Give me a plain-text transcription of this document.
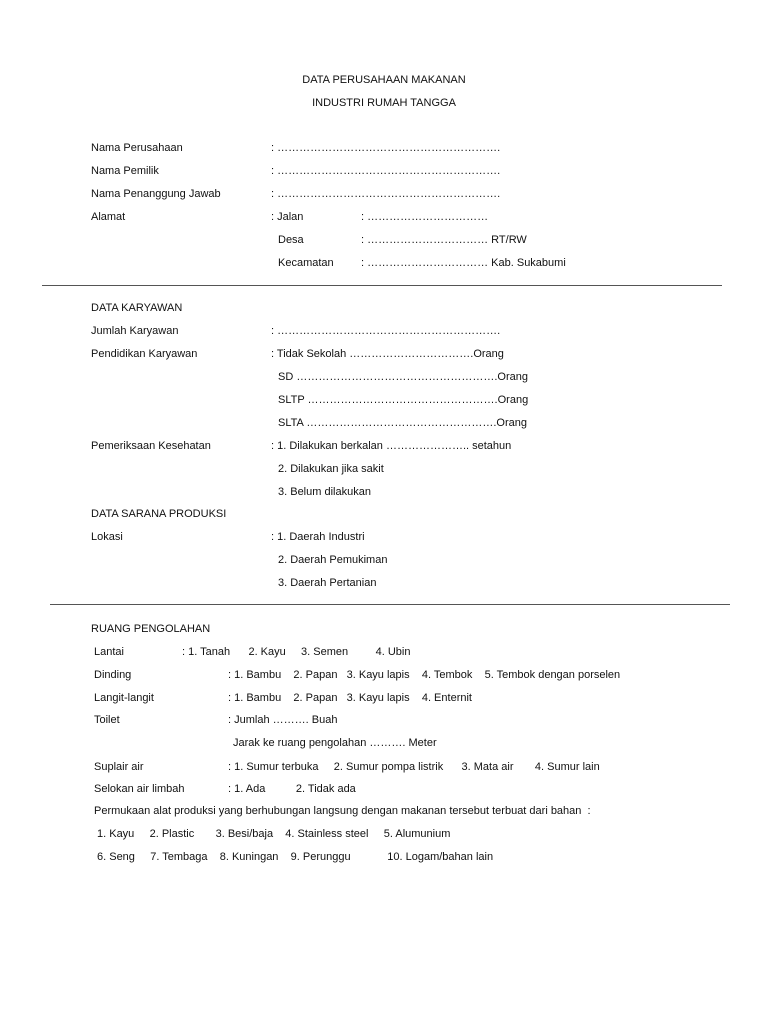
DATA PERUSAHAAN MAKANAN
INDUSTRI RUMAH TANGGA
Nama Perusahaan	: …………………………………………………….
Nama Pemilik	: …………………………………………………….
Nama Penanggung Jawab	: …………………………………………………….
Alamat	: Jalan	: ……………………………
Desa	: …………………………… RT/RW
Kecamatan : …………………………… Kab. Sukabumi
DATA KARYAWAN
Jumlah Karyawan	: …………………………………………………….
Pendidikan Karyawan	: Tidak Sekolah …………………………….Orang
SD ……………………………………………….Orang
SLTP …………………………………………….Orang
SLTA …………………………………………….Orang
Pemeriksaan Kesehatan	: 1. Dilakukan berkalan ………………….. setahun
2. Dilakukan jika sakit
3. Belum dilakukan
DATA SARANA PRODUKSI
Lokasi	: 1. Daerah Industri
2. Daerah Pemukiman
3. Daerah Pertanian
RUANG PENGOLAHAN
Lantai	: 1. Tanah      2. Kayu     3. Semen         4. Ubin
Dinding	: 1. Bambu    2. Papan   3. Kayu lapis    4. Tembok    5. Tembok dengan porselen
Langit-langit	: 1. Bambu    2. Papan   3. Kayu lapis    4. Enternit
Toilet	: Jumlah ………. Buah
Jarak ke ruang pengolahan ………. Meter
Suplair air	: 1. Sumur terbuka     2. Sumur pompa listrik      3. Mata air       4. Sumur lain
Selokan air limbah	: 1. Ada          2. Tidak ada
Permukaan alat produksi yang berhubungan langsung dengan makanan tersebut terbuat dari bahan  :
1. Kayu     2. Plastic       3. Besi/baja    4. Stainless steel     5. Alumunium
6. Seng     7. Tembaga    8. Kuningan    9. Perunggu            10. Logam/bahan lain
